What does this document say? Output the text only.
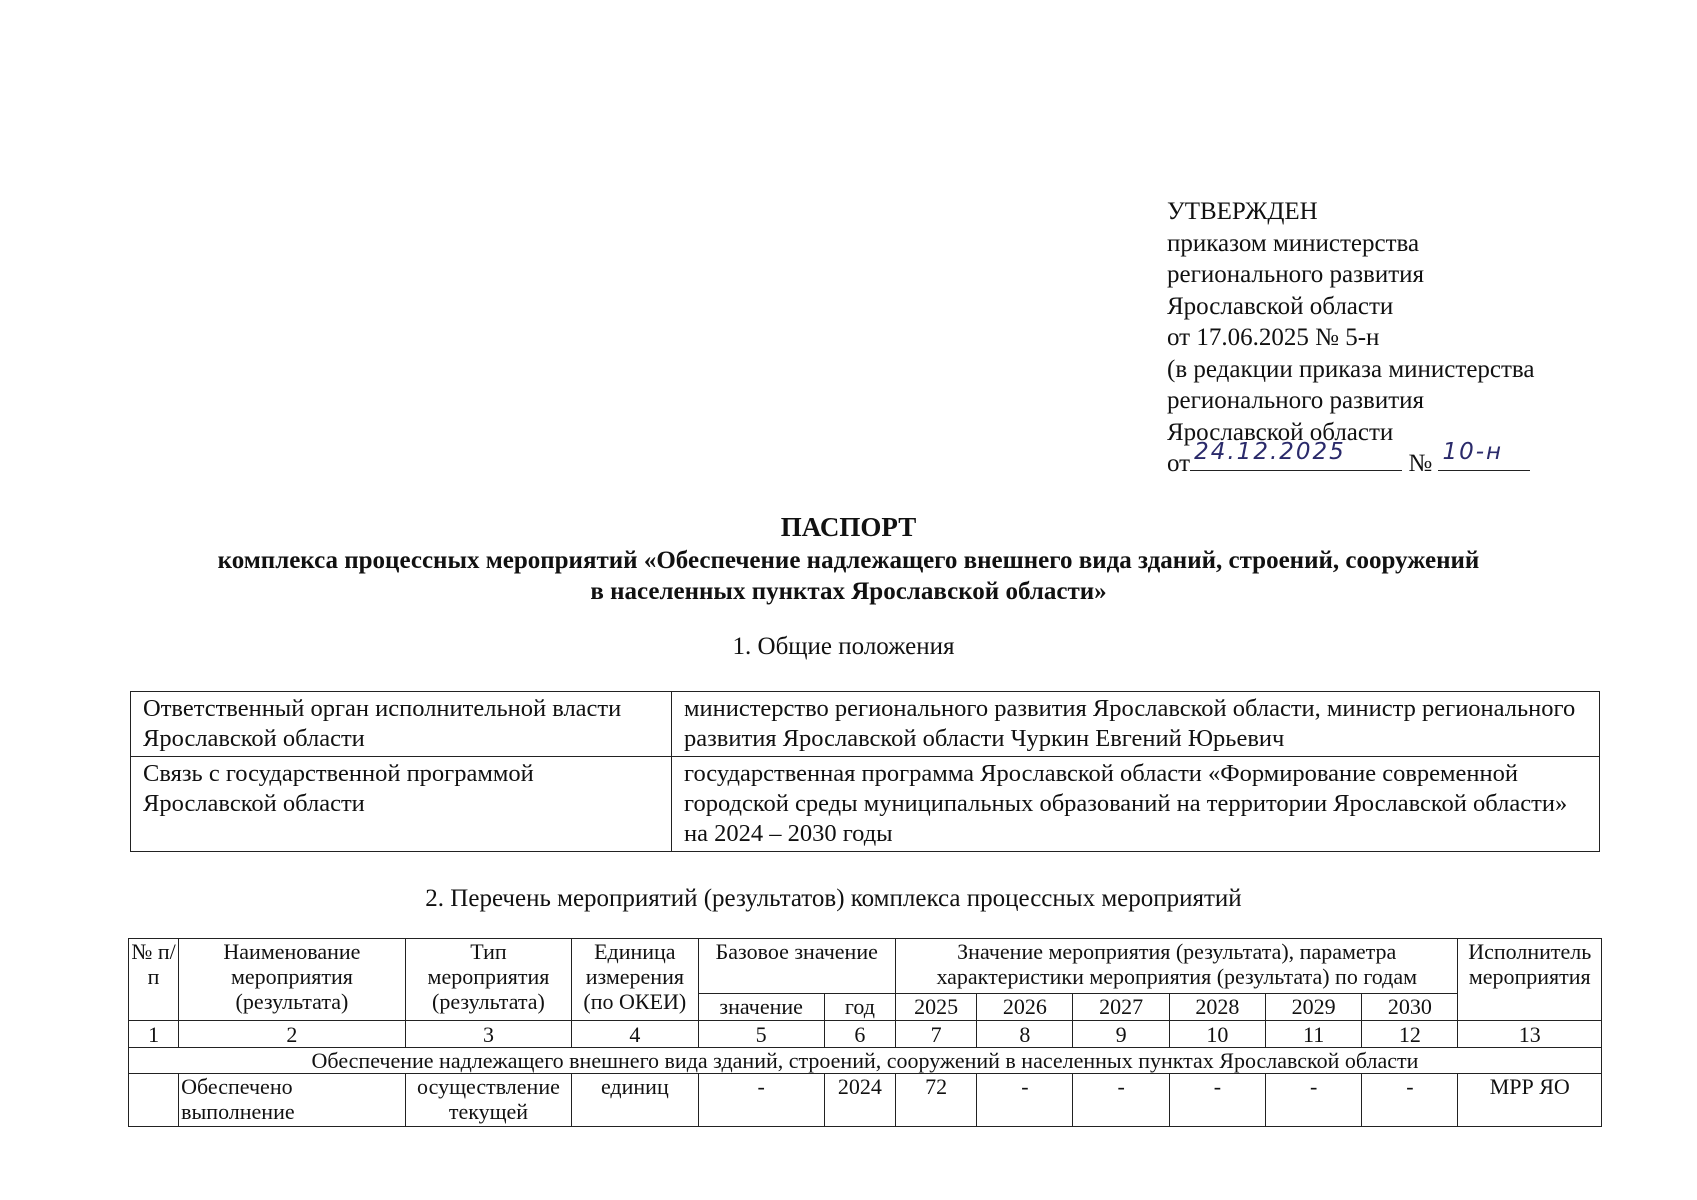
УТВЕРЖДЕН
приказом министерства
регионального развития
Ярославской области
от 17.06.2025 № 5-н
(в редакции приказа министерства
регионального развития
Ярославской области
от 24.12.2025	№ 10-н
ПАСПОРТ
комплекса процессных мероприятий «Обеспечение надлежащего внешнего вида зданий, строений, сооружений
в населенных пунктах Ярославской области»
1. Общие положения
Ответственный орган исполнительной власти Ярославской области	министерство регионального развития Ярославской области, министр регионального развития Ярославской области Чуркин Евгений Юрьевич
Связь с государственной программой Ярославской области	государственная программа Ярославской области «Формирование современной городской среды муниципальных образований на территории Ярославской области» на 2024 – 2030 годы
2. Перечень мероприятий (результатов) комплекса процессных мероприятий
№ п/п	Наименование мероприятия (результата)	Тип мероприятия (результата)	Единица измерения (по ОКЕИ)	Базовое значение		Значение мероприятия (результата), параметра характеристики мероприятия (результата) по годам						Исполнитель мероприятия
				значение	год	2025	2026	2027	2028	2029	2030	
1	2	3	4	5	6	7	8	9	10	11	12	13
Обеспечение надлежащего внешнего вида зданий, строений, сооружений в населенных пунктах Ярославской области												
	Обеспечено выполнение	осуществление текущей	единиц	-	2024	72	-	-	-	-	-	МРР ЯО
